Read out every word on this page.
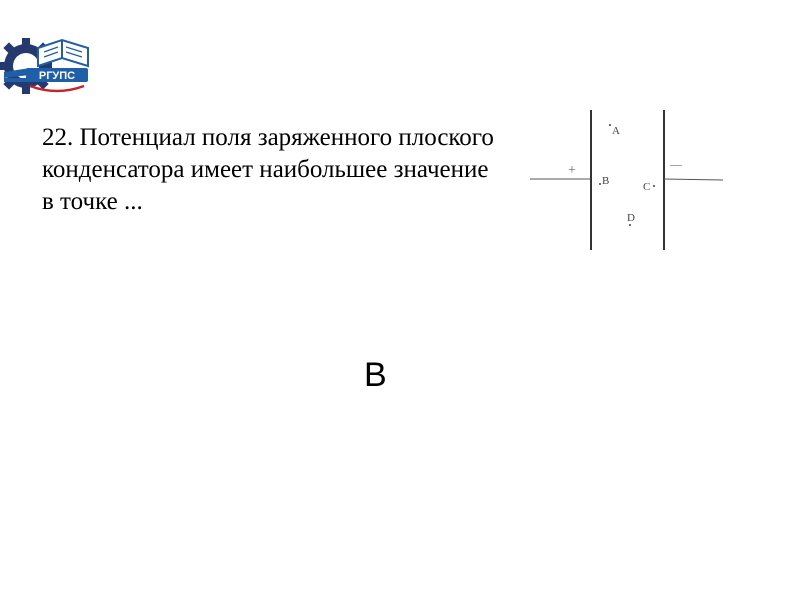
РГУПС

22. Потенциал поля заряженного плоского конденсатора имеет наибольшее значение в точке ...

+	—
A
B	C
D
B
